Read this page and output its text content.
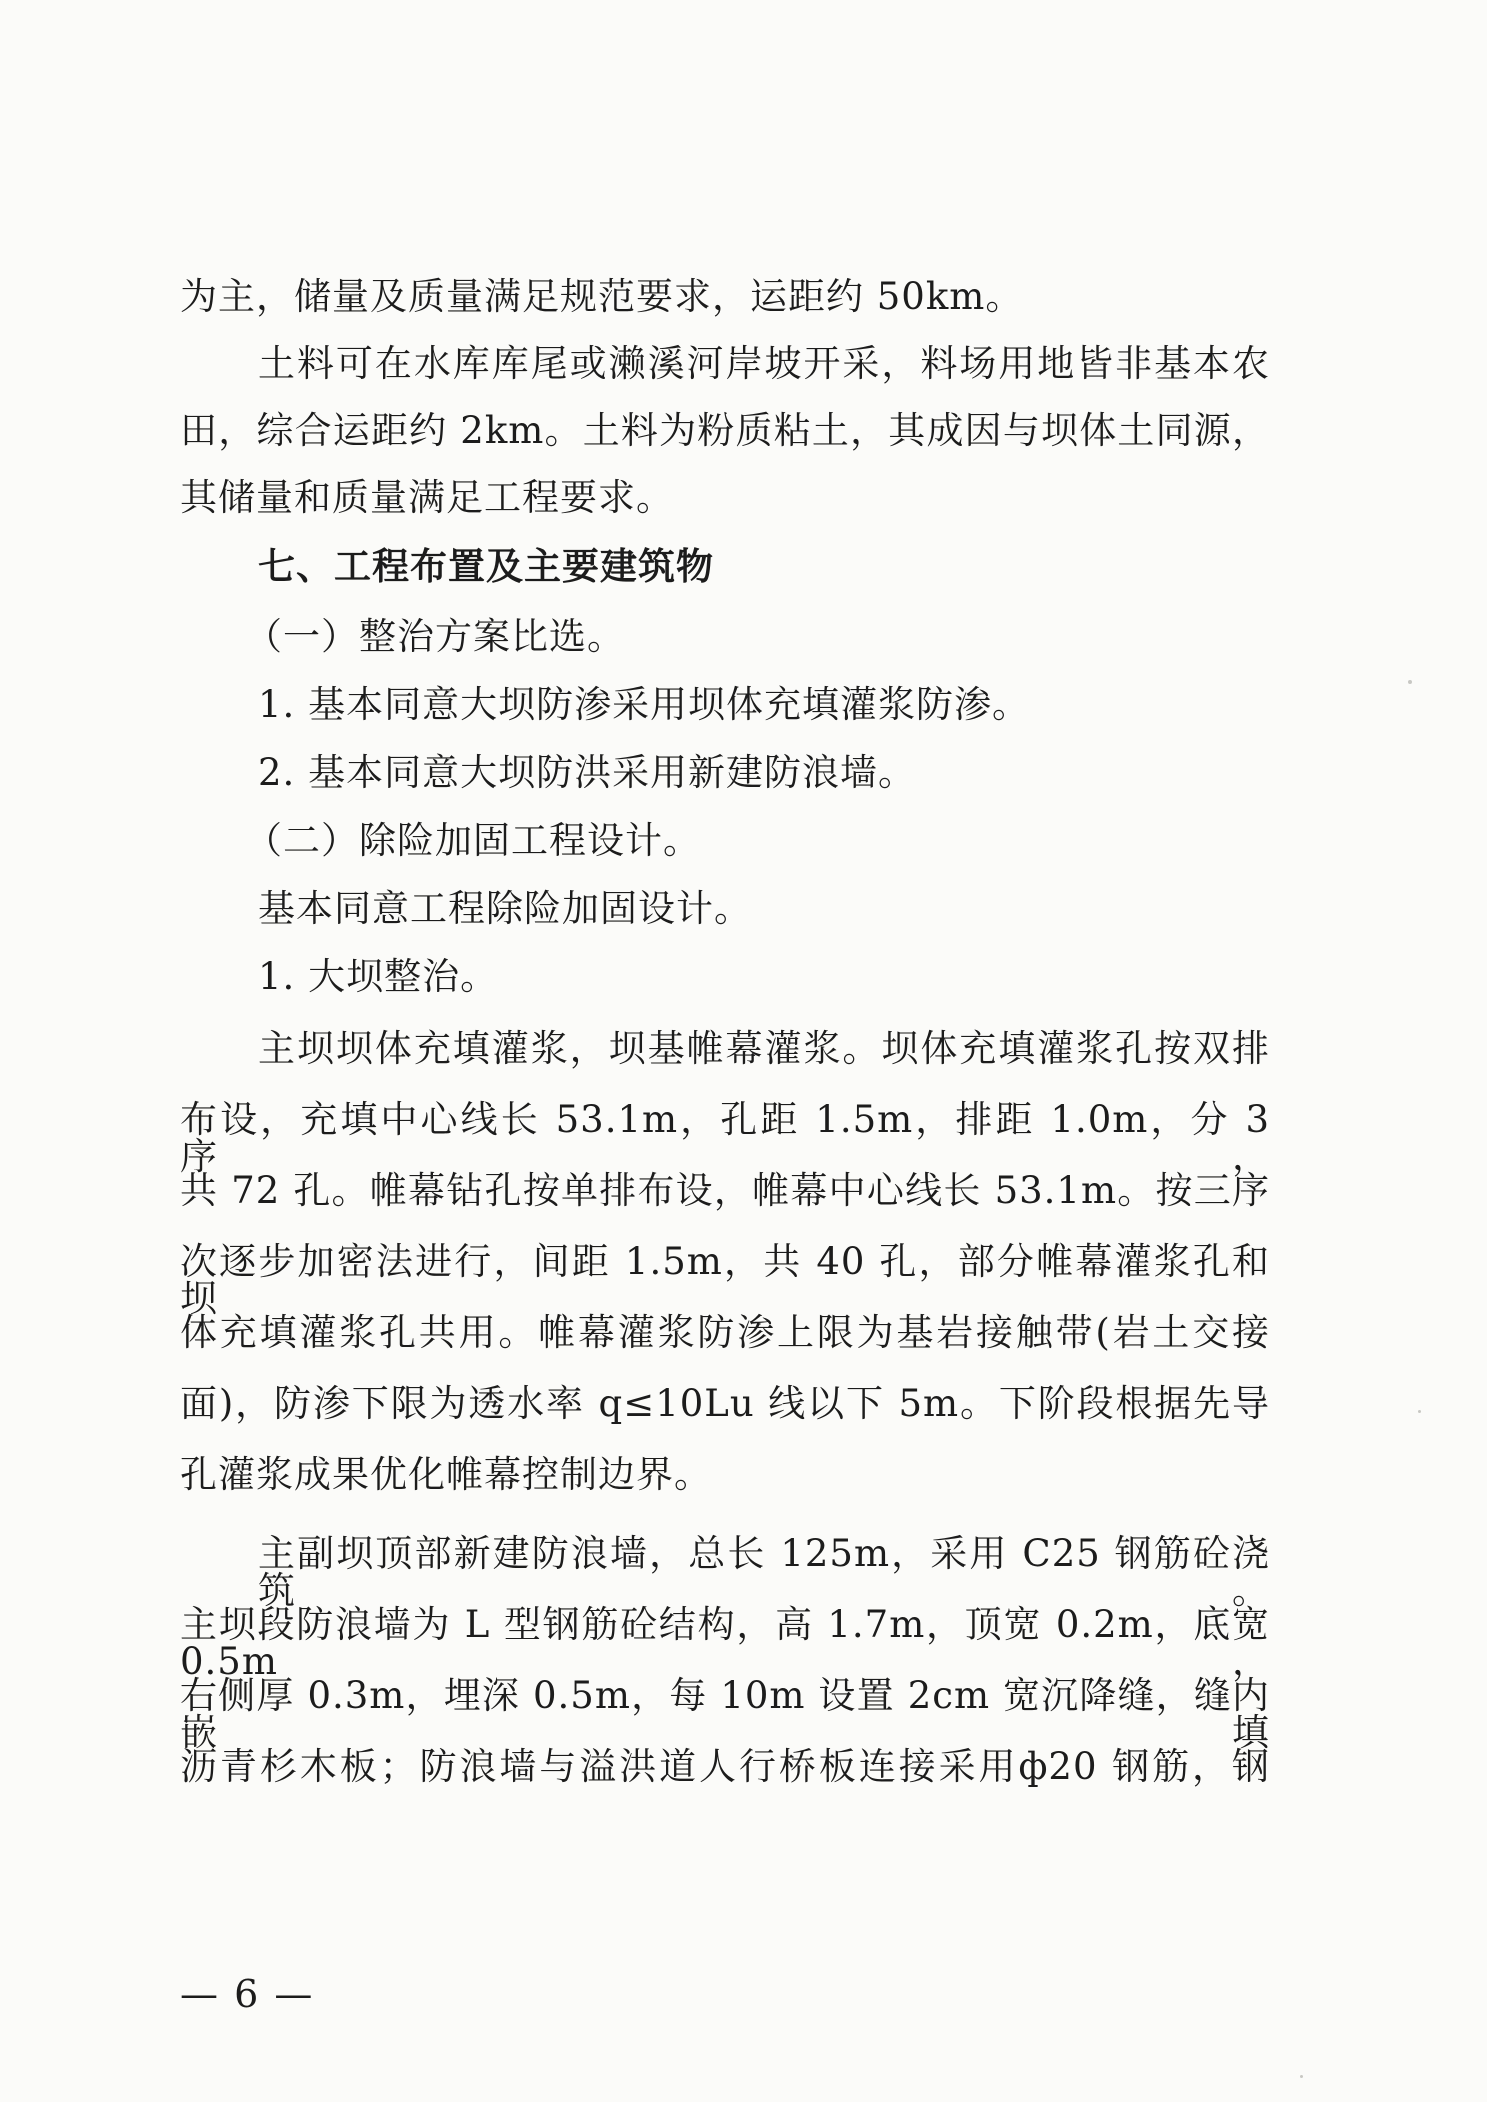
为主，储量及质量满足规范要求，运距约 50km。
土料可在水库库尾或濑溪河岸坡开采，料场用地皆非基本农
田，综合运距约 2km。土料为粉质粘土，其成因与坝体土同源，
其储量和质量满足工程要求。
七、工程布置及主要建筑物
（一）整治方案比选。
1. 基本同意大坝防渗采用坝体充填灌浆防渗。
2. 基本同意大坝防洪采用新建防浪墙。
（二）除险加固工程设计。
基本同意工程除险加固设计。
1. 大坝整治。
主坝坝体充填灌浆，坝基帷幕灌浆。坝体充填灌浆孔按双排
布设，充填中心线长 53.1m，孔距 1.5m，排距 1.0m，分 3 序，
共 72 孔。帷幕钻孔按单排布设，帷幕中心线长 53.1m。按三序
次逐步加密法进行，间距 1.5m，共 40 孔，部分帷幕灌浆孔和坝
体充填灌浆孔共用。帷幕灌浆防渗上限为基岩接触带(岩土交接
面)，防渗下限为透水率 q≤10Lu 线以下 5m。下阶段根据先导
孔灌浆成果优化帷幕控制边界。
主副坝顶部新建防浪墙，总长 125m，采用 C25 钢筋砼浇筑。
主坝段防浪墙为 L 型钢筋砼结构，高 1.7m，顶宽 0.2m，底宽 0.5m，
右侧厚 0.3m，埋深 0.5m，每 10m 设置 2cm 宽沉降缝，缝内嵌填
沥青杉木板；防浪墙与溢洪道人行桥板连接采用ф20 钢筋，钢
— 6 —
